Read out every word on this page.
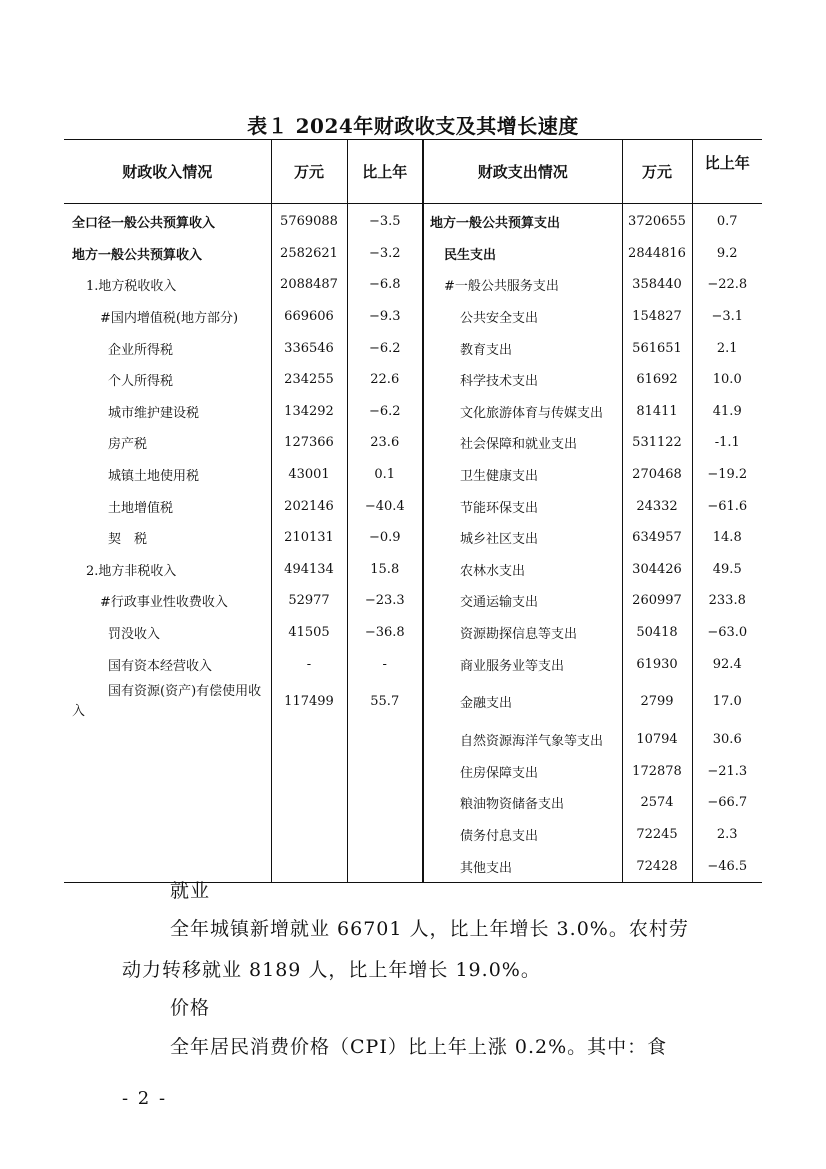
表１ 2024年财政收支及其增长速度
财政收入情况	万元	比上年	财政支出情况	万元	比上年
全口径一般公共预算收入	5769088	−3.5	地方一般公共预算支出	3720655	0.7
地方一般公共预算收入	2582621	−3.2	民生支出	2844816	9.2
1.地方税收收入	2088487	−6.8	#一般公共服务支出	358440	−22.8
#国内增值税(地方部分)	669606	−9.3	公共安全支出	154827	−3.1
企业所得税	336546	−6.2	教育支出	561651	2.1
个人所得税	234255	22.6	科学技术支出	61692	10.0
城市维护建设税	134292	−6.2	文化旅游体育与传媒支出	81411	41.9
房产税	127366	23.6	社会保障和就业支出	531122	-1.1
城镇土地使用税	43001	0.1	卫生健康支出	270468	−19.2
土地增值税	202146	−40.4	节能环保支出	24332	−61.6
契　税	210131	−0.9	城乡社区支出	634957	14.8
2.地方非税收入	494134	15.8	农林水支出	304426	49.5
#行政事业性收费收入	52977	−23.3	交通运输支出	260997	233.8
罚没收入	41505	−36.8	资源勘探信息等支出	50418	−63.0
国有资本经营收入	-	-	商业服务业等支出	61930	92.4
国有资源(资产)有偿使用收入	117499	55.7	金融支出	2799	17.0
			自然资源海洋气象等支出	10794	30.6
			住房保障支出	172878	−21.3
			粮油物资储备支出	2574	−66.7
			债务付息支出	72245	2.3
			其他支出	72428	−46.5
就业
全年城镇新增就业 66701 人，比上年增长 3.0%。农村劳
动力转移就业 8189 人，比上年增长 19.0%。
价格
全年居民消费价格（CPI）比上年上涨 0.2%。其中：食
- 2 -
